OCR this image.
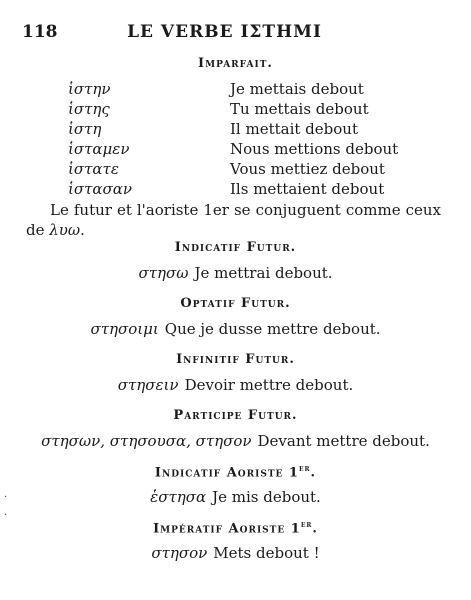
118	LE VERBE ΙΣΤΗΜΙ
Imparfait.
ἱστην	Je mettais debout
ἱστης	Tu mettais debout
ἱστη	Il mettait debout
ἱσταμεν	Nous mettions debout
ἱστατε	Vous mettiez debout
ἱστασαν	Ils mettaient debout
Le futur et l'aoriste 1er se conjuguent comme ceux de λυω.
Indicatif Futur.
στησω Je mettrai debout.
Optatif Futur.
στησοιμι Que je dusse mettre debout.
Infinitif Futur.
στησειν Devoir mettre debout.
Participe Futur.
στησων, στησουσα, στησον Devant mettre debout.
Indicatif Aoriste 1er.
ἑστησα Je mis debout.
Impératif Aoriste 1er.
στησον Mets debout !
·
·
